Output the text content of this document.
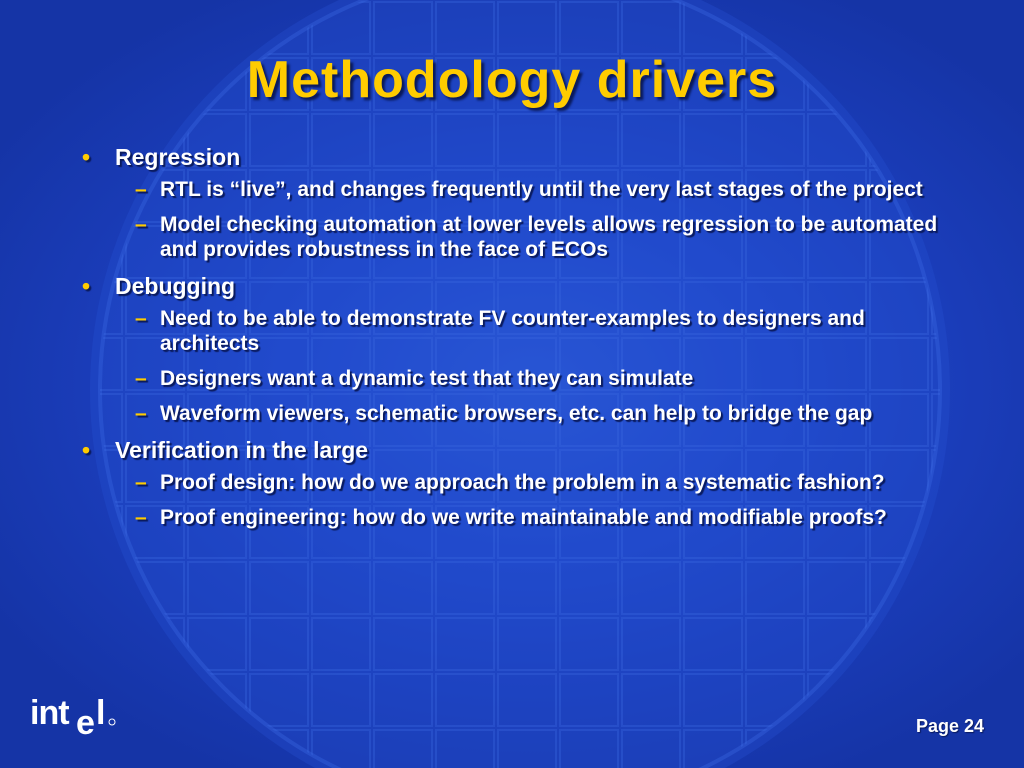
Methodology drivers
• Regression
– RTL is “live”, and changes frequently until the very last stages of the project
– Model checking automation at lower levels allows regression to be automated and provides robustness in the face of ECOs
• Debugging
– Need to be able to demonstrate FV counter-examples to designers and architects
– Designers want a dynamic test that they can simulate
– Waveform viewers, schematic browsers, etc. can help to bridge the gap
• Verification in the large
– Proof design: how do we approach the problem in a systematic fashion?
– Proof engineering: how do we write maintainable and modifiable proofs?
int e l	Page 24
